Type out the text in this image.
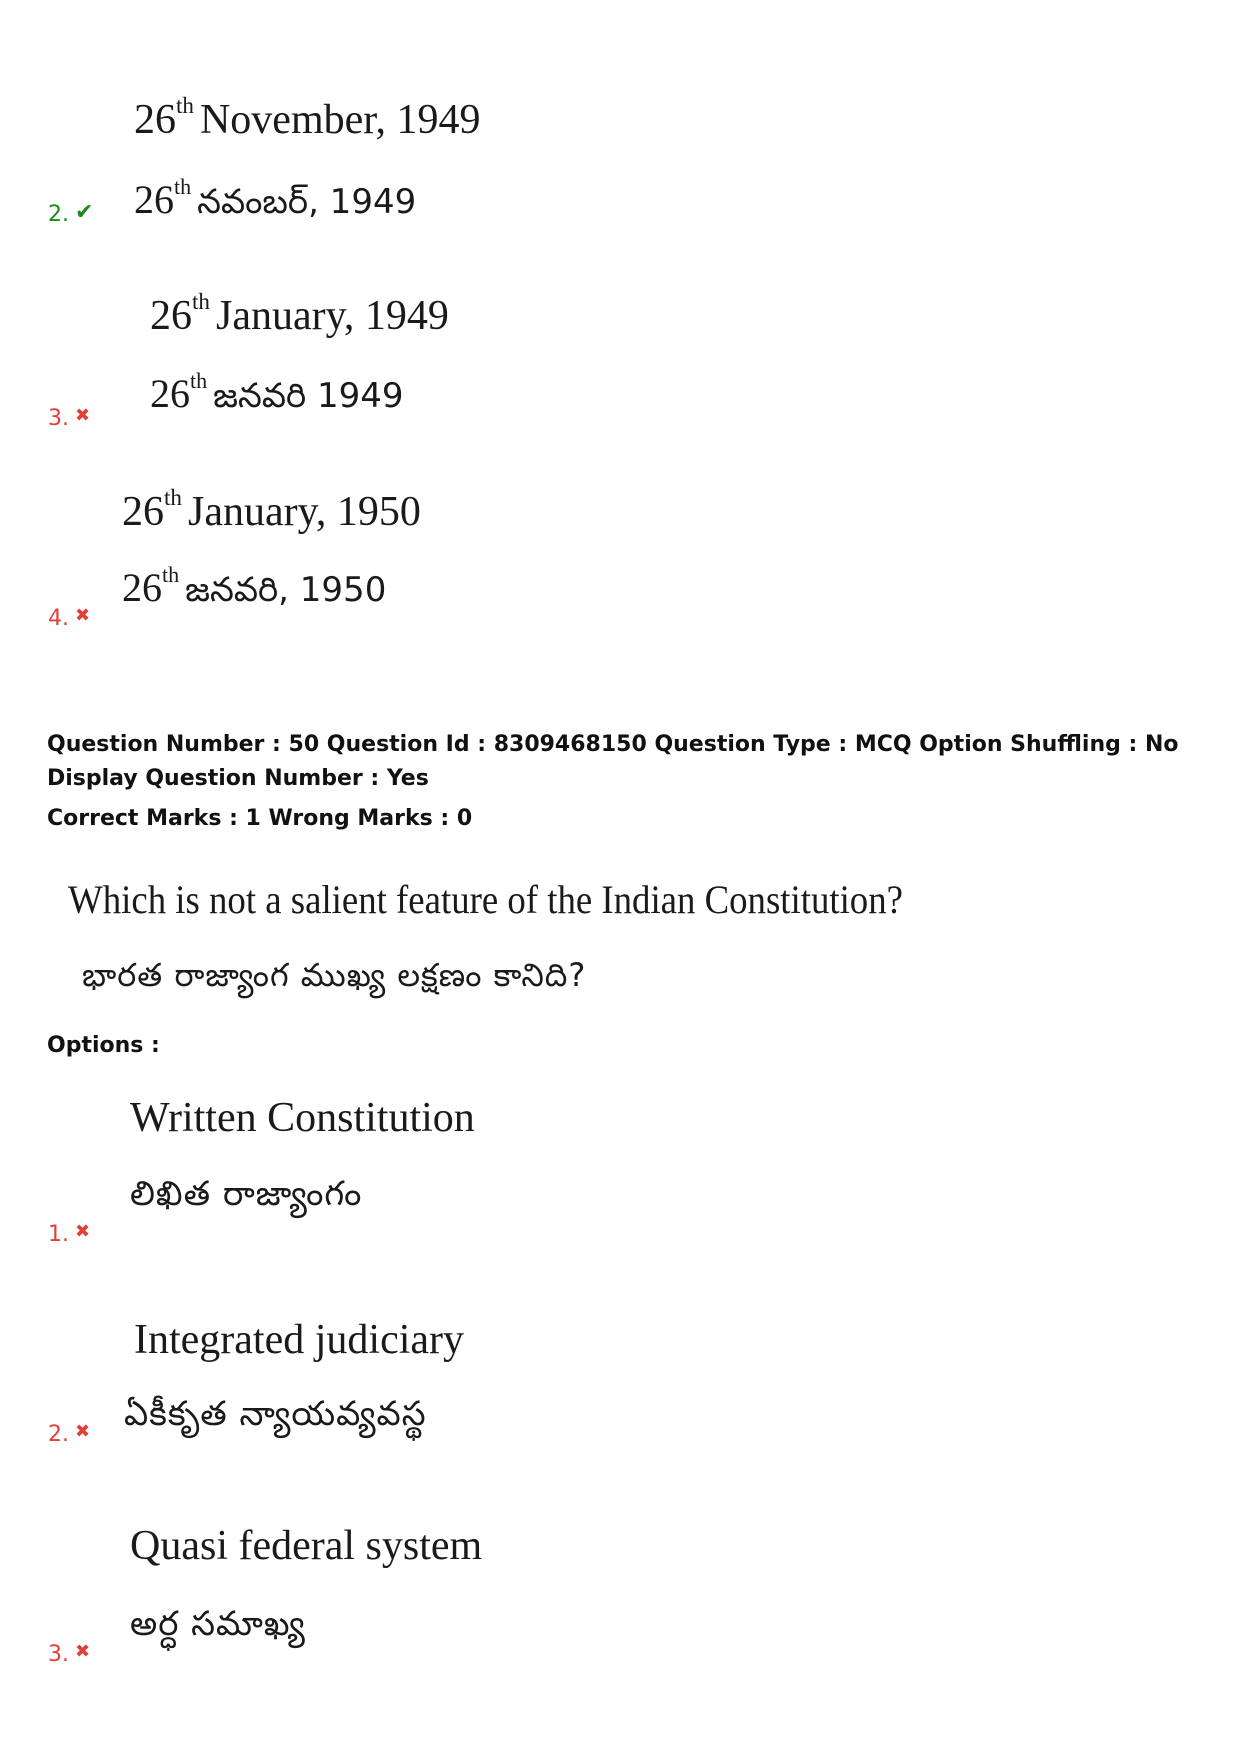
26th November, 1949
26th నవంబర్, 1949
2. ✔
26th January, 1949
26th జనవరి 1949
3. ✖
26th January, 1950
26th జనవరి, 1950
4. ✖
Question Number : 50 Question Id : 8309468150 Question Type : MCQ Option Shuffling : No
Display Question Number : Yes
Correct Marks : 1 Wrong Marks : 0
Which is not a salient feature of the Indian Constitution?
భారత రాజ్యాంగ ముఖ్య లక్షణం కానిది?
Options :
Written Constitution
లిఖిత రాజ్యాంగం
1. ✖
Integrated judiciary
ఏకీకృత న్యాయవ్యవస్థ
2. ✖
Quasi federal system
అర్ధ సమాఖ్య
3. ✖
